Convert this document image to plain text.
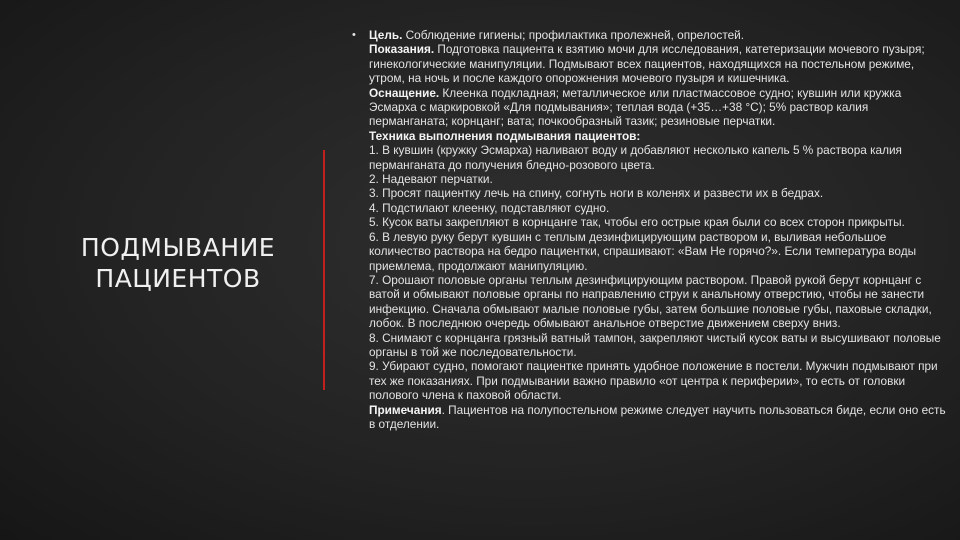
ПОДМЫВАНИЕ
ПАЦИЕНТОВ
• Цель. Соблюдение гигиены; профилактика пролежней, опрелостей.

Показания. Подготовка пациента к взятию мочи для исследования, катетеризации мочевого пузыря; гинекологические манипуляции. Подмывают всех пациентов, находящихся на постельном режиме, утром, на ночь и после каждого опорожнения мочевого пузыря и кишечника.

Оснащение. Клеенка подкладная; металлическое или пластмассовое судно; кувшин или кружка Эсмарха с маркировкой «Для подмывания»; теплая вода (+35…+38 °С); 5% раствор калия перманганата; корнцанг; вата; почкообразный тазик; резиновые перчатки.

Техника выполнения подмывания пациентов:

1. В кувшин (кружку Эсмарха) наливают воду и добавляют несколько капель 5 % раствора калия перманганата до получения бледно-розового цвета.

2. Надевают перчатки.

3. Просят пациентку лечь на спину, согнуть ноги в коленях и развести их в бедрах.

4. Подстилают клеенку, подставляют судно.

5. Кусок ваты закрепляют в корнцанге так, чтобы его острые края были со всех сторон прикрыты.

6. В левую руку берут кувшин с теплым дезинфицирующим раствором и, выливая небольшое количество раствора на бедро пациентки, спрашивают: «Вам Не горячо?». Если температура воды приемлема, продолжают манипуляцию.

7. Орошают половые органы теплым дезинфицирующим раствором. Правой рукой берут корнцанг с ватой и обмывают половые органы по направлению струи к анальному отверстию, чтобы не занести инфекцию. Сначала обмывают малые половые губы, затем большие половые губы, паховые складки, лобок. В последнюю очередь обмывают анальное отверстие движением сверху вниз.

8. Снимают с корнцанга грязный ватный тампон, закрепляют чистый кусок ваты и высушивают половые органы в той же последовательности.

9. Убирают судно, помогают пациентке принять удобное положение в постели. Мужчин подмывают при тех же показаниях. При подмывании важно правило «от центра к периферии», то есть от головки полового члена к паховой области.

Примечания. Пациентов на полупостельном режиме следует научить пользоваться биде, если оно есть в отделении.
